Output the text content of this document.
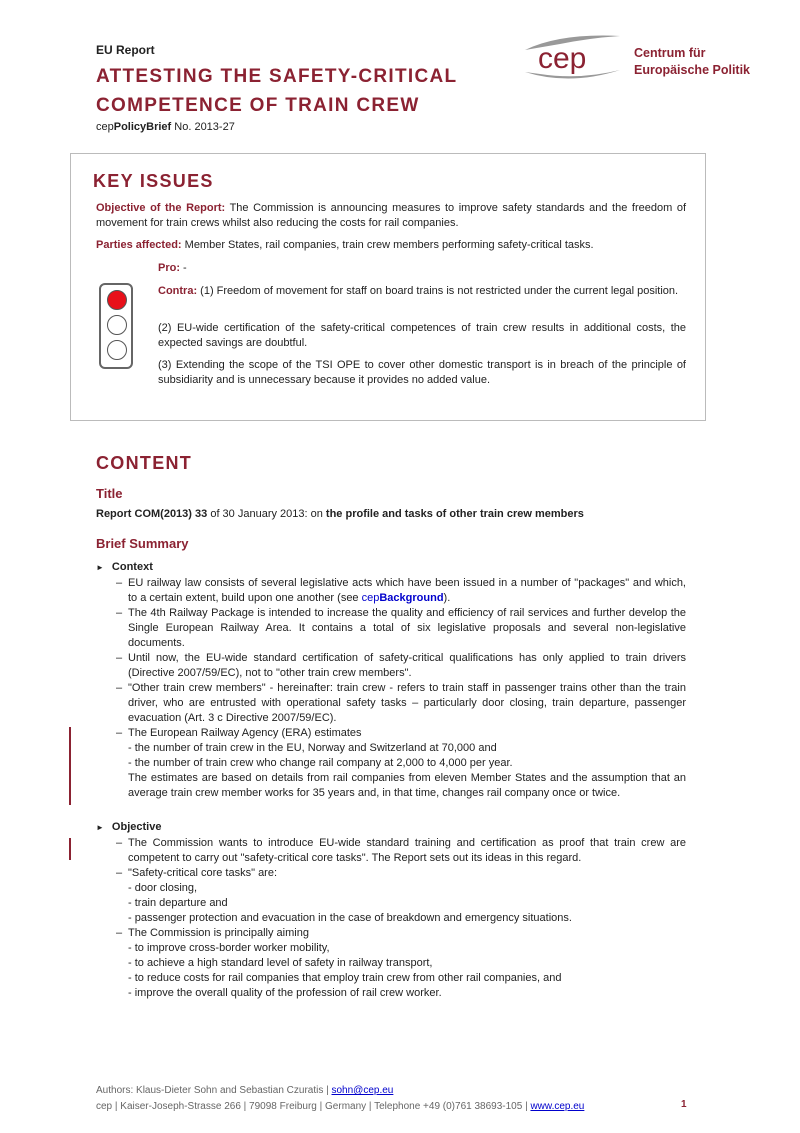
EU Report
ATTESTING THE SAFETY-CRITICAL COMPETENCE OF TRAIN CREW
cepPolicyBrief No. 2013-27
cep	Centrum für
Europäische Politik
KEY ISSUES
Objective of the Report: The Commission is announcing measures to improve safety standards and the freedom of movement for train crews whilst also reducing the costs for rail companies.
Parties affected: Member States, rail companies, train crew members performing safety-critical tasks.
Pro: -
Contra: (1) Freedom of movement for staff on board trains is not restricted under the current legal position.
(2) EU-wide certification of the safety-critical competences of train crew results in additional costs, the expected savings are doubtful.
(3) Extending the scope of the TSI OPE to cover other domestic transport is in breach of the principle of subsidiarity and is unnecessary because it provides no added value.
CONTENT
Title
Report COM(2013) 33 of 30 January 2013: on the profile and tasks of other train crew members
Brief Summary
► Context
– EU railway law consists of several legislative acts which have been issued in a number of "packages" and which, to a certain extent, build upon one another (see cepBackground).
– The 4th Railway Package is intended to increase the quality and efficiency of rail services and further develop the Single European Railway Area. It contains a total of six legislative proposals and several non-legislative documents.
– Until now, the EU-wide standard certification of safety-critical qualifications has only applied to train drivers (Directive 2007/59/EC), not to "other train crew members".
– "Other train crew members" - hereinafter: train crew - refers to train staff in passenger trains other than the train driver, who are entrusted with operational safety tasks – particularly door closing, train departure, passenger evacuation (Art. 3 c Directive 2007/59/EC).
– The European Railway Agency (ERA) estimates
- the number of train crew in the EU, Norway and Switzerland at 70,000 and
- the number of train crew who change rail company at 2,000 to 4,000 per year.
The estimates are based on details from rail companies from eleven Member States and the assumption that an average train crew member works for 35 years and, in that time, changes rail company once or twice.
► Objective
– The Commission wants to introduce EU-wide standard training and certification as proof that train crew are competent to carry out "safety-critical core tasks". The Report sets out its ideas in this regard.
– "Safety-critical core tasks" are:
- door closing,
- train departure and
- passenger protection and evacuation in the case of breakdown and emergency situations.
– The Commission is principally aiming
- to improve cross-border worker mobility,
- to achieve a high standard level of safety in railway transport,
- to reduce costs for rail companies that employ train crew from other rail companies, and
- improve the overall quality of the profession of rail crew worker.
Authors: Klaus-Dieter Sohn and Sebastian Czuratis | sohn@cep.eu
cep | Kaiser-Joseph-Strasse 266 | 79098 Freiburg | Germany | Telephone +49 (0)761 38693-105 | www.cep.eu	1
